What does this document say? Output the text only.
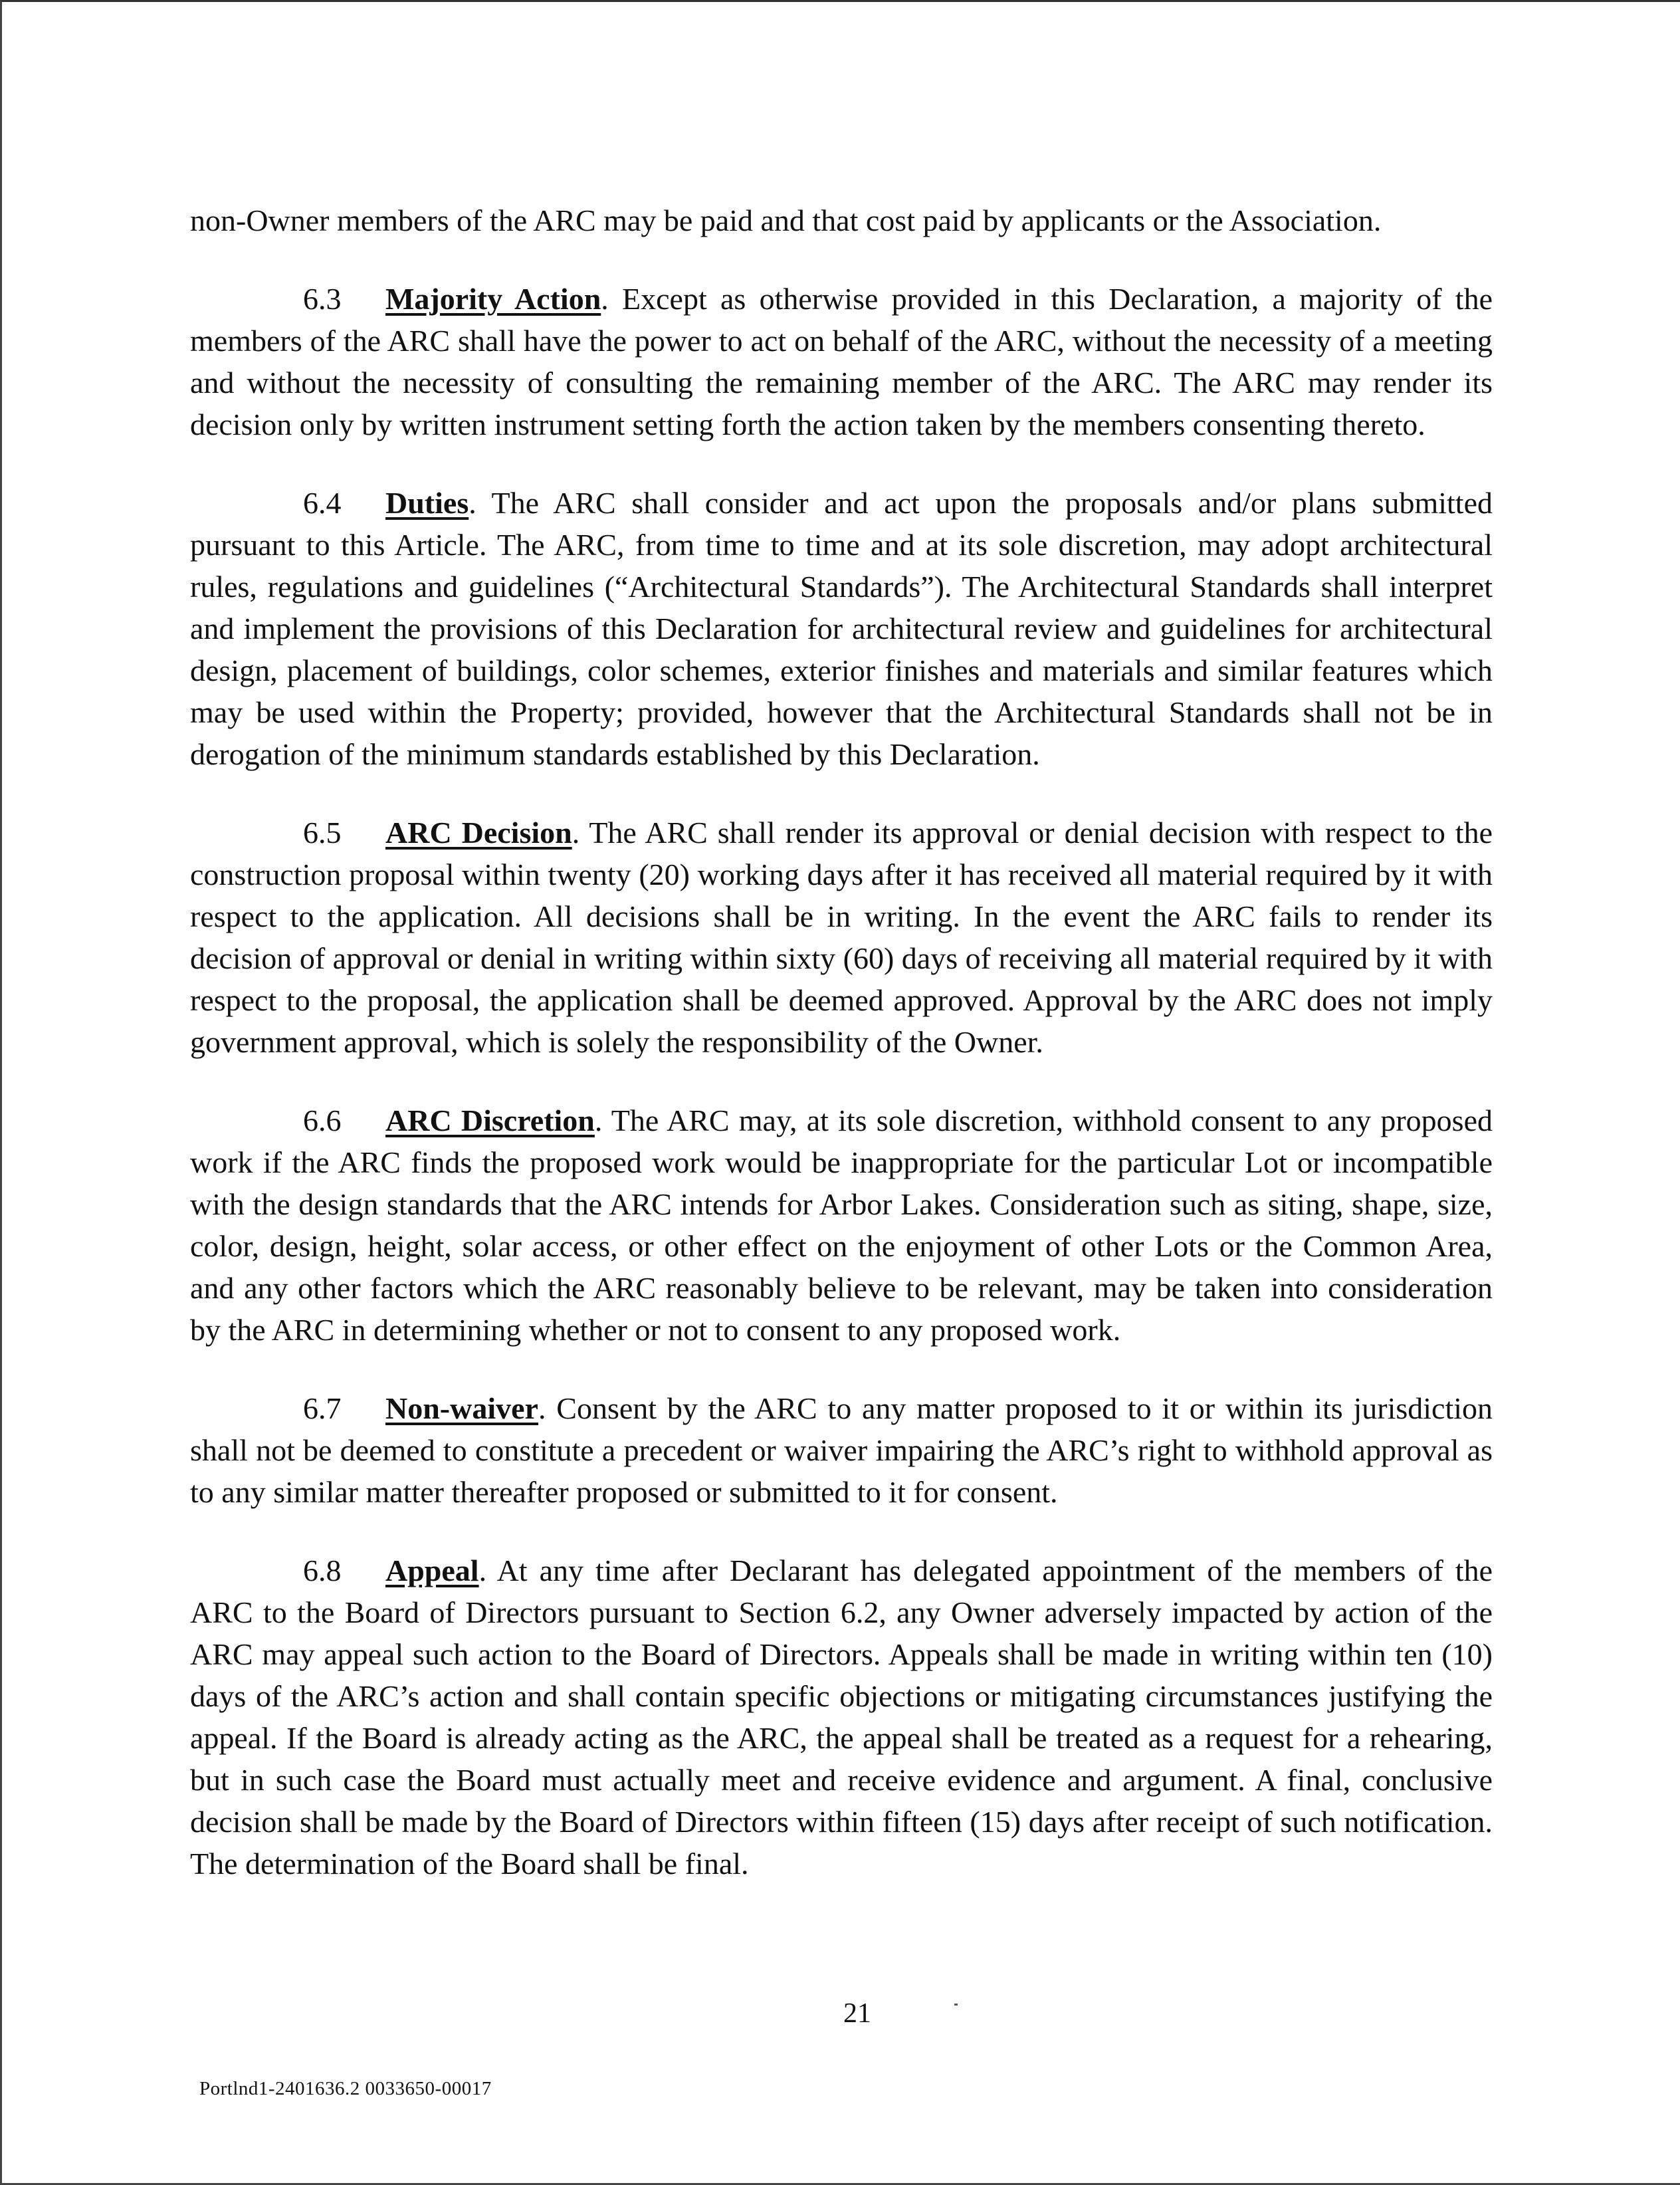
non-Owner members of the ARC may be paid and that cost paid by applicants or the Association.

6.3 Majority Action. Except as otherwise provided in this Declaration, a majority of the members of the ARC shall have the power to act on behalf of the ARC, without the necessity of a meeting and without the necessity of consulting the remaining member of the ARC. The ARC may render its decision only by written instrument setting forth the action taken by the members consenting thereto.

6.4 Duties. The ARC shall consider and act upon the proposals and/or plans submitted pursuant to this Article. The ARC, from time to time and at its sole discretion, may adopt architectural rules, regulations and guidelines (“Architectural Standards”). The Architectural Standards shall interpret and implement the provisions of this Declaration for architectural review and guidelines for architectural design, placement of buildings, color schemes, exterior finishes and materials and similar features which may be used within the Property; provided, however that the Architectural Standards shall not be in derogation of the minimum standards established by this Declaration.

6.5 ARC Decision. The ARC shall render its approval or denial decision with respect to the construction proposal within twenty (20) working days after it has received all material required by it with respect to the application. All decisions shall be in writing. In the event the ARC fails to render its decision of approval or denial in writing within sixty (60) days of receiving all material required by it with respect to the proposal, the application shall be deemed approved. Approval by the ARC does not imply government approval, which is solely the responsibility of the Owner.

6.6 ARC Discretion. The ARC may, at its sole discretion, withhold consent to any proposed work if the ARC finds the proposed work would be inappropriate for the particular Lot or incompatible with the design standards that the ARC intends for Arbor Lakes. Consideration such as siting, shape, size, color, design, height, solar access, or other effect on the enjoyment of other Lots or the Common Area, and any other factors which the ARC reasonably believe to be relevant, may be taken into consideration by the ARC in determining whether or not to consent to any proposed work.

6.7 Non-waiver. Consent by the ARC to any matter proposed to it or within its jurisdiction shall not be deemed to constitute a precedent or waiver impairing the ARC’s right to withhold approval as to any similar matter thereafter proposed or submitted to it for consent.

6.8 Appeal. At any time after Declarant has delegated appointment of the members of the ARC to the Board of Directors pursuant to Section 6.2, any Owner adversely impacted by action of the ARC may appeal such action to the Board of Directors. Appeals shall be made in writing within ten (10) days of the ARC’s action and shall contain specific objections or mitigating circumstances justifying the appeal. If the Board is already acting as the ARC, the appeal shall be treated as a request for a rehearing, but in such case the Board must actually meet and receive evidence and argument. A final, conclusive decision shall be made by the Board of Directors within fifteen (15) days after receipt of such notification. The determination of the Board shall be final.

21
Portlnd1-2401636.2 0033650-00017
